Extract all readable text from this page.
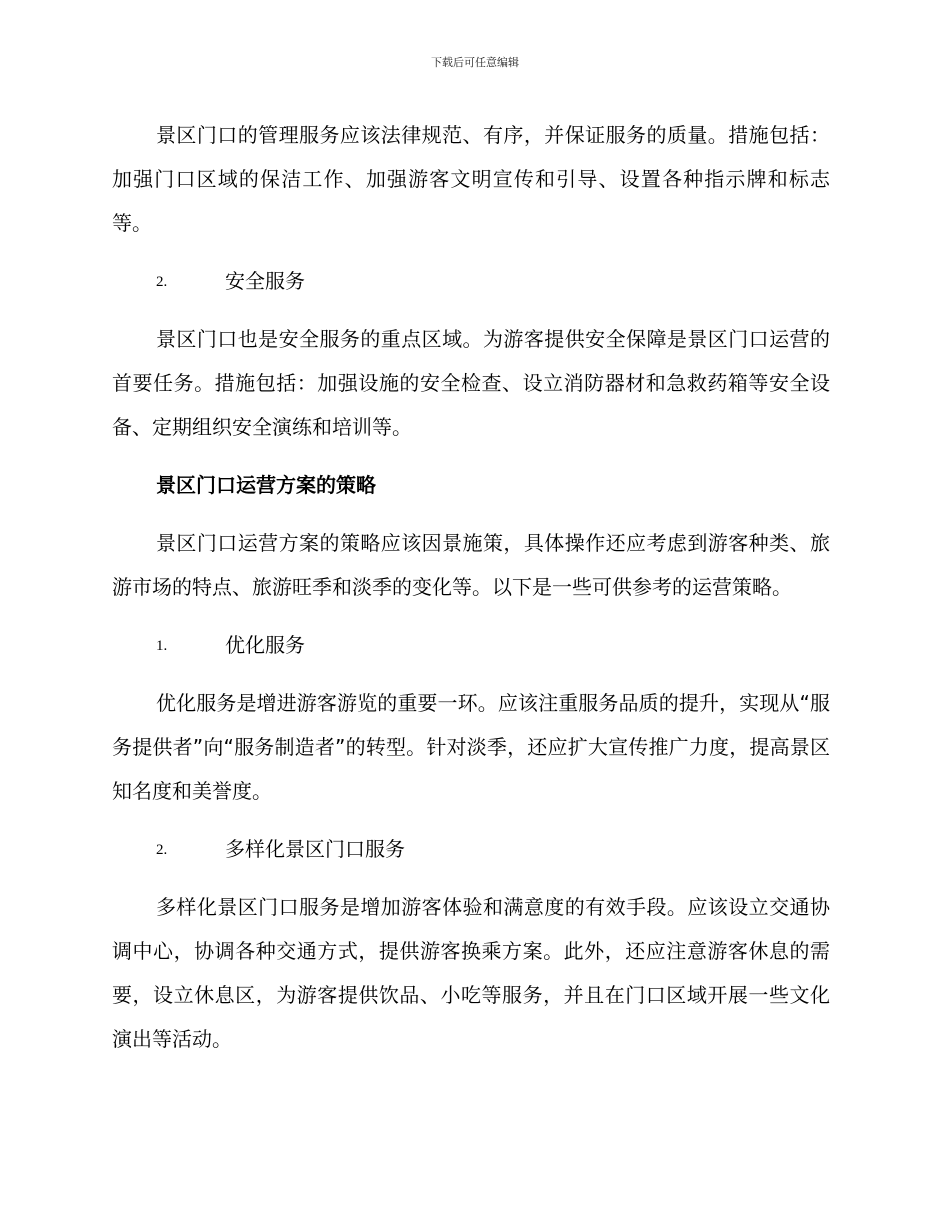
下载后可任意编辑

景区门口的管理服务应该法律规范、有序，并保证服务的质量。措施包括：加强门口区域的保洁工作、加强游客文明宣传和引导、设置各种指示牌和标志等。

2.	安全服务

景区门口也是安全服务的重点区域。为游客提供安全保障是景区门口运营的首要任务。措施包括：加强设施的安全检查、设立消防器材和急救药箱等安全设备、定期组织安全演练和培训等。

景区门口运营方案的策略

景区门口运营方案的策略应该因景施策，具体操作还应考虑到游客种类、旅游市场的特点、旅游旺季和淡季的变化等。以下是一些可供参考的运营策略。

1.	优化服务

优化服务是增进游客游览的重要一环。应该注重服务品质的提升，实现从“服务提供者”向“服务制造者”的转型。针对淡季，还应扩大宣传推广力度，提高景区知名度和美誉度。

2.	多样化景区门口服务

多样化景区门口服务是增加游客体验和满意度的有效手段。应该设立交通协调中心，协调各种交通方式，提供游客换乘方案。此外，还应注意游客休息的需要，设立休息区，为游客提供饮品、小吃等服务，并且在门口区域开展一些文化演出等活动。
